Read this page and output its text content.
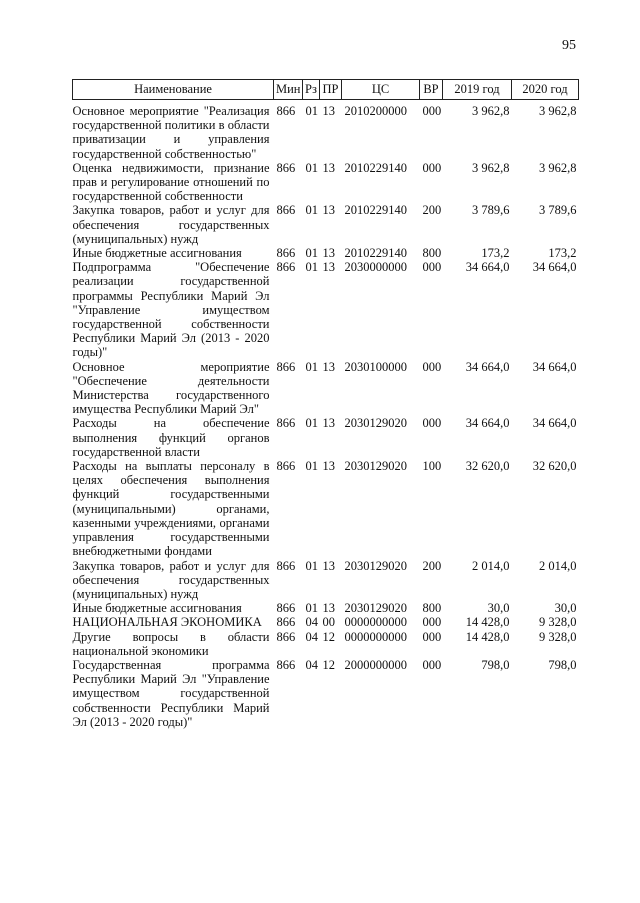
95
Наименование	Мин	Рз	ПР	ЦС	ВР	2019 год	2020 год

Основное мероприятие "Реализация государственной политики в области приватизации и управления государственной собственностью"	866	01	13	2010200000	000	3 962,8	3 962,8
Оценка недвижимости, признание прав и регулирование отношений по государственной собственности	866	01	13	2010229140	000	3 962,8	3 962,8
Закупка товаров, работ и услуг для обеспечения государственных (муниципальных) нужд	866	01	13	2010229140	200	3 789,6	3 789,6
Иные бюджетные ассигнования	866	01	13	2010229140	800	173,2	173,2
Подпрограмма "Обеспечение реализации государственной программы Республики Марий Эл "Управление имуществом государственной собственности Республики Марий Эл (2013 - 2020 годы)"	866	01	13	2030000000	000	34 664,0	34 664,0
Основное мероприятие "Обеспечение деятельности Министерства государственного имущества Республики Марий Эл"	866	01	13	2030100000	000	34 664,0	34 664,0
Расходы на обеспечение выполнения функций органов государственной власти	866	01	13	2030129020	000	34 664,0	34 664,0
Расходы на выплаты персоналу в целях обеспечения выполнения функций государственными (муниципальными) органами, казенными учреждениями, органами управления государственными внебюджетными фондами	866	01	13	2030129020	100	32 620,0	32 620,0
Закупка товаров, работ и услуг для обеспечения государственных (муниципальных) нужд	866	01	13	2030129020	200	2 014,0	2 014,0
Иные бюджетные ассигнования	866	01	13	2030129020	800	30,0	30,0
НАЦИОНАЛЬНАЯ ЭКОНОМИКА	866	04	00	0000000000	000	14 428,0	9 328,0
Другие вопросы в области национальной экономики	866	04	12	0000000000	000	14 428,0	9 328,0
Государственная программа Республики Марий Эл "Управление имуществом государственной собственности Республики Марий Эл (2013 - 2020 годы)"	866	04	12	2000000000	000	798,0	798,0
